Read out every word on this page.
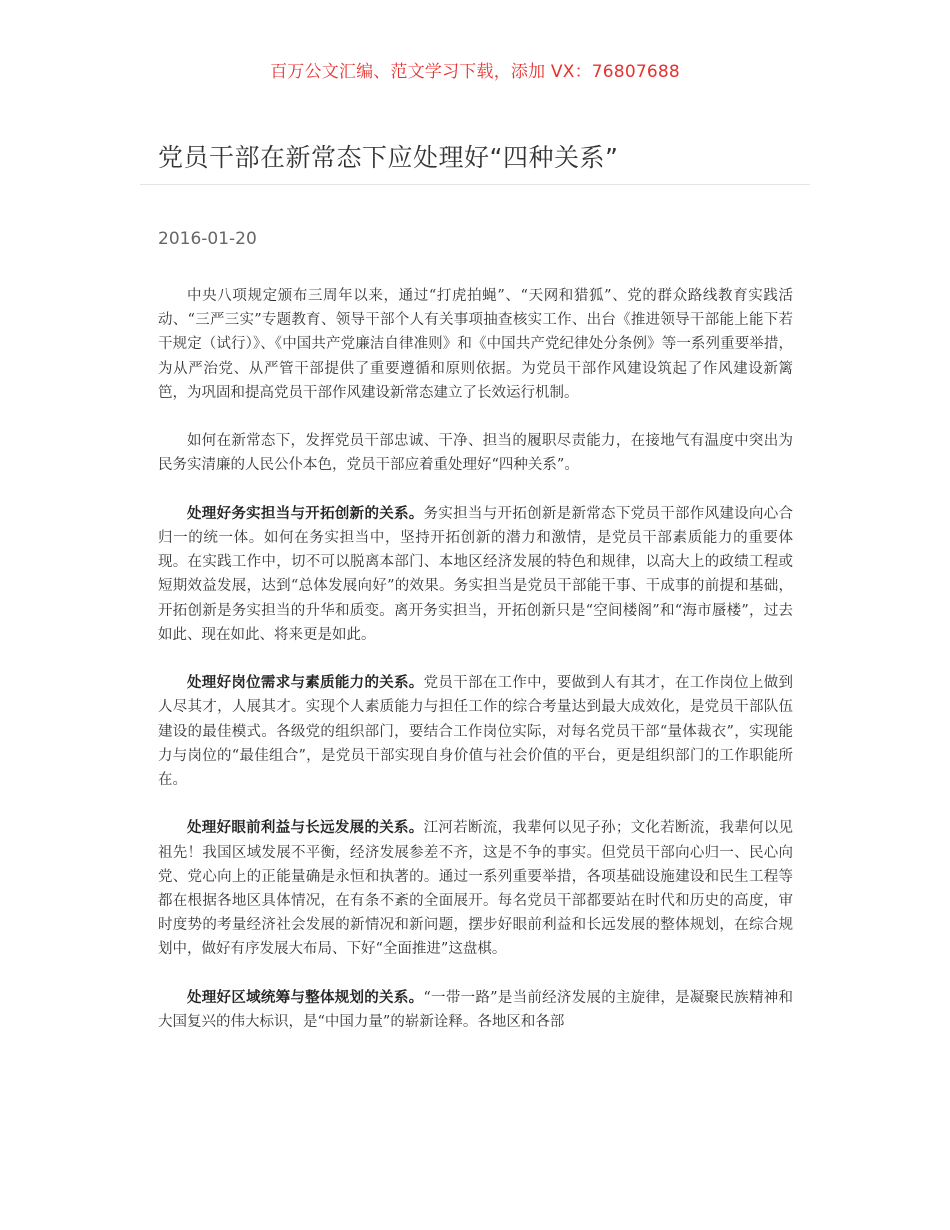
百万公文汇编、范文学习下载，添加 VX：76807688
党员干部在新常态下应处理好“四种关系”
2016-01-20

中央八项规定颁布三周年以来，通过“打虎拍蝇”、“天网和猎狐”、党的群众路线教育实践活动、“三严三实”专题教育、领导干部个人有关事项抽查核实工作、出台《推进领导干部能上能下若干规定（试行）》、《中国共产党廉洁自律准则》和《中国共产党纪律处分条例》等一系列重要举措，为从严治党、从严管干部提供了重要遵循和原则依据。为党员干部作风建设筑起了作风建设新篱笆，为巩固和提高党员干部作风建设新常态建立了长效运行机制。

如何在新常态下，发挥党员干部忠诚、干净、担当的履职尽责能力，在接地气有温度中突出为民务实清廉的人民公仆本色，党员干部应着重处理好“四种关系”。

处理好务实担当与开拓创新的关系。务实担当与开拓创新是新常态下党员干部作风建设向心合归一的统一体。如何在务实担当中，坚持开拓创新的潜力和激情，是党员干部素质能力的重要体现。在实践工作中，切不可以脱离本部门、本地区经济发展的特色和规律，以高大上的政绩工程或短期效益发展，达到“总体发展向好”的效果。务实担当是党员干部能干事、干成事的前提和基础，开拓创新是务实担当的升华和质变。离开务实担当，开拓创新只是“空间楼阁”和“海市蜃楼”，过去如此、现在如此、将来更是如此。

处理好岗位需求与素质能力的关系。党员干部在工作中，要做到人有其才，在工作岗位上做到人尽其才，人展其才。实现个人素质能力与担任工作的综合考量达到最大成效化，是党员干部队伍建设的最佳模式。各级党的组织部门，要结合工作岗位实际，对每名党员干部“量体裁衣”，实现能力与岗位的“最佳组合”，是党员干部实现自身价值与社会价值的平台，更是组织部门的工作职能所在。

处理好眼前利益与长远发展的关系。江河若断流，我辈何以见子孙；文化若断流，我辈何以见祖先！我国区域发展不平衡，经济发展参差不齐，这是不争的事实。但党员干部向心归一、民心向党、党心向上的正能量确是永恒和执著的。通过一系列重要举措，各项基础设施建设和民生工程等都在根据各地区具体情况，在有条不紊的全面展开。每名党员干部都要站在时代和历史的高度，审时度势的考量经济社会发展的新情况和新问题，摆步好眼前利益和长远发展的整体规划，在综合规划中，做好有序发展大布局、下好“全面推进”这盘棋。

处理好区域统筹与整体规划的关系。“一带一路”是当前经济发展的主旋律，是凝聚民族精神和大国复兴的伟大标识，是“中国力量”的崭新诠释。各地区和各部
